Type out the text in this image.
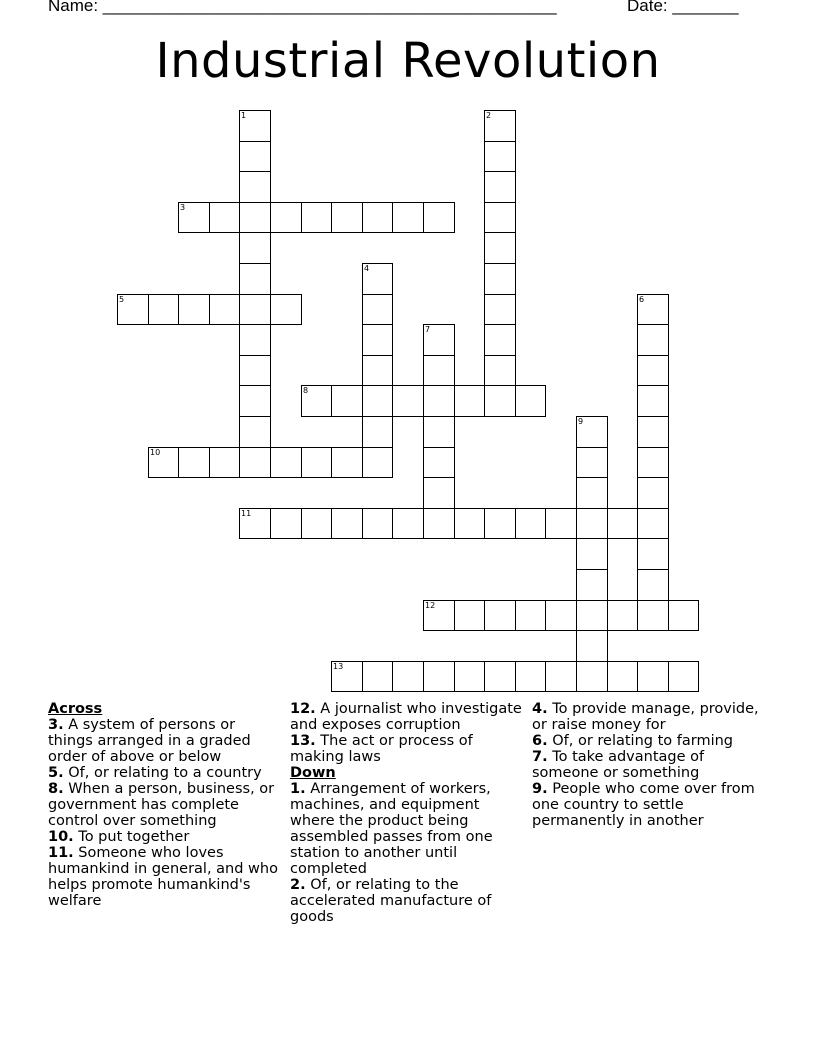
Name: ________________________________________________	Date: _______
Industrial Revolution
1	2
3
4
5	6
7
8
9
10
11
12
13
Across
3. A system of persons or things arranged in a graded order of above or below
5. Of, or relating to a country
8. When a person, business, or government has complete control over something
10. To put together
11. Someone who loves humankind in general, and who helps promote humankind's welfare
12. A journalist who investigate and exposes corruption
13. The act or process of making laws
Down
1. Arrangement of workers, machines, and equipment where the product being assembled passes from one station to another until completed
2. Of, or relating to the accelerated manufacture of goods
4. To provide manage, provide, or raise money for
6. Of, or relating to farming
7. To take advantage of someone or something
9. People who come over from one country to settle permanently in another
